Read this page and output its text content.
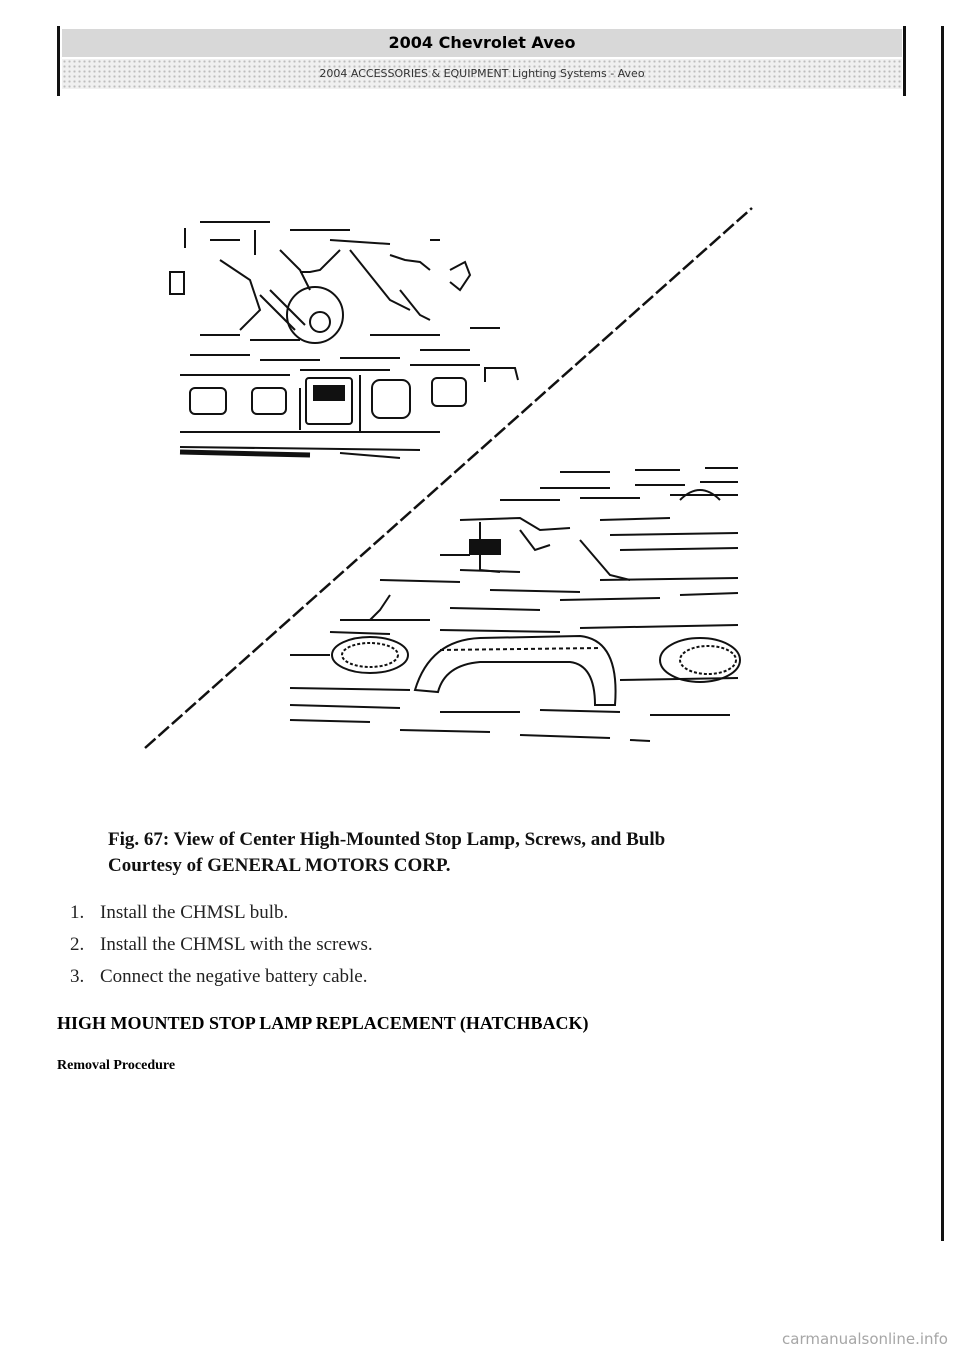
2004 Chevrolet Aveo
2004 ACCESSORIES & EQUIPMENT Lighting Systems - Aveo
Fig. 67: View of Center High-Mounted Stop Lamp, Screws, and Bulb
Courtesy of GENERAL MOTORS CORP.
1. Install the CHMSL bulb.
2. Install the CHMSL with the screws.
3. Connect the negative battery cable.
HIGH MOUNTED STOP LAMP REPLACEMENT (HATCHBACK)
Removal Procedure
carmanualsonline.info
